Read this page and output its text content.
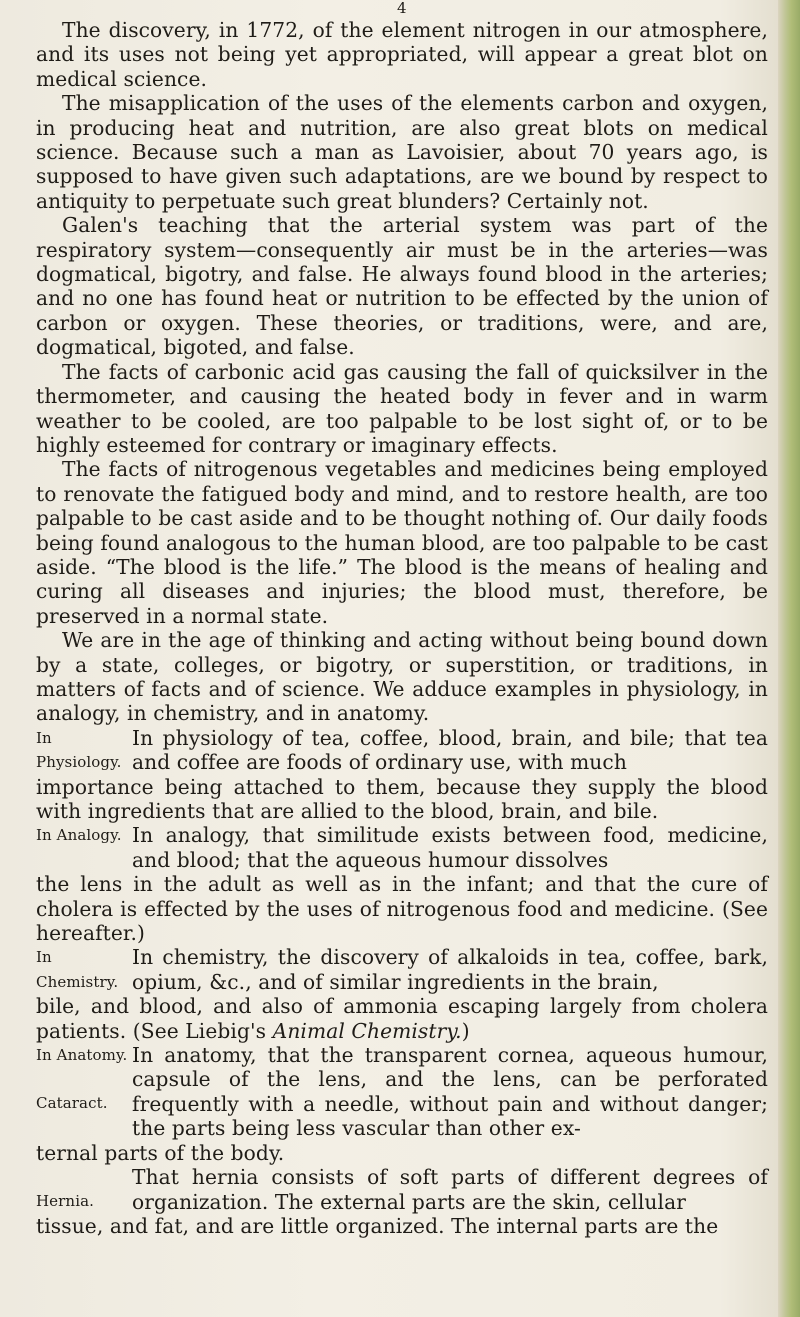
4

The discovery, in 1772, of the element nitrogen in our atmosphere, and its uses not being yet appropriated, will appear a great blot on medical science.

The misapplication of the uses of the elements carbon and oxygen, in producing heat and nutrition, are also great blots on medical science. Because such a man as Lavoisier, about 70 years ago, is supposed to have given such adaptations, are we bound by respect to antiquity to perpetuate such great blunders? Certainly not.

Galen's teaching that the arterial system was part of the respiratory system—consequently air must be in the arteries—was dogmatical, bigotry, and false. He always found blood in the arteries; and no one has found heat or nutrition to be effected by the union of carbon or oxygen. These theories, or traditions, were, and are, dogmatical, bigoted, and false.

The facts of carbonic acid gas causing the fall of quicksilver in the thermometer, and causing the heated body in fever and in warm weather to be cooled, are too palpable to be lost sight of, or to be highly esteemed for contrary or imaginary effects.

The facts of nitrogenous vegetables and medicines being employed to renovate the fatigued body and mind, and to restore health, are too palpable to be cast aside and to be thought nothing of. Our daily foods being found analogous to the human blood, are too palpable to be cast aside. “The blood is the life.” The blood is the means of healing and curing all diseases and injuries; the blood must, therefore, be preserved in a normal state.

We are in the age of thinking and acting without being bound down by a state, colleges, or bigotry, or superstition, or traditions, in matters of facts and of science. We adduce examples in physiology, in analogy, in chemistry, and in anatomy.

In Physiology.
In physiology of tea, coffee, blood, brain, and bile; that tea and coffee are foods of ordinary use, with much

importance being attached to them, because they supply the blood with ingredients that are allied to the blood, brain, and bile.

In Analogy. In analogy, that similitude exists between food, medicine, and blood; that the aqueous humour dissolves

the lens in the adult as well as in the infant; and that the cure of cholera is effected by the uses of nitrogenous food and medicine. (See hereafter.)

In Chemistry.
In chemistry, the discovery of alkaloids in tea, coffee, bark, opium, &c., and of similar ingredients in the brain,

bile, and blood, and also of ammonia escaping largely from cholera patients. (See Liebig's Animal Chemistry.)

In Anatomy.
Cataract.
In anatomy, that the transparent cornea, aqueous humour, capsule of the lens, and the lens, can be perforated frequently with a needle, without pain and without danger; the parts being less vascular than other ex-

ternal parts of the body.

Hernia.
That hernia consists of soft parts of different degrees of organization. The external parts are the skin, cellular

tissue, and fat, and are little organized. The internal parts are the
